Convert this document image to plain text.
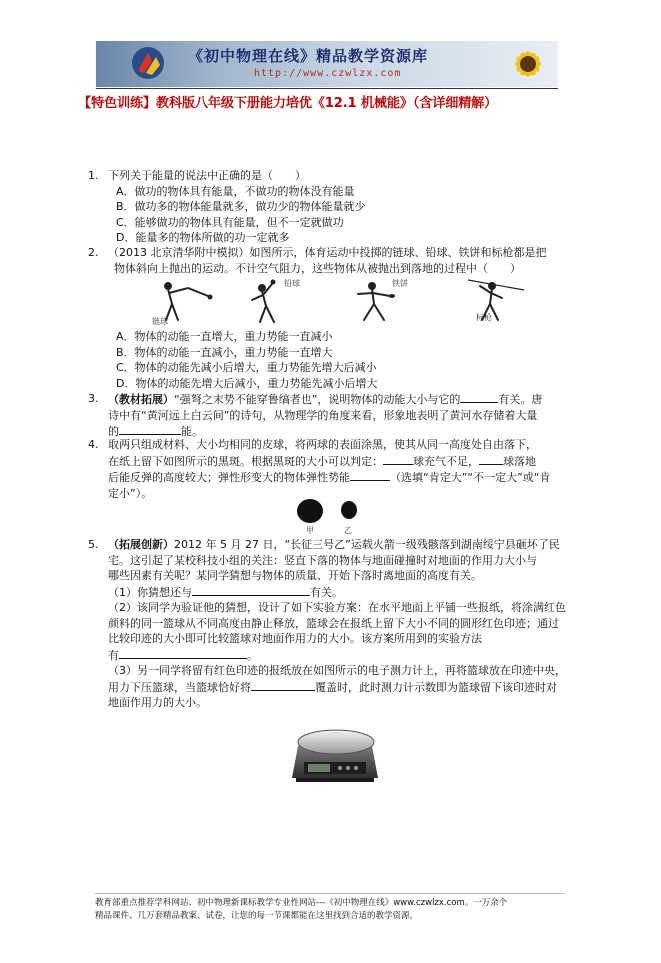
《初中物理在线》精品教学资源库
http://www.czwlzx.com
【特色训练】教科版八年级下册能力培优《12.1 机械能》（含详细精解）
1. 下列关于能量的说法中正确的是（　　）

A．做功的物体具有能量，不做功的物体没有能量

B．做功多的物体能量就多，做功少的物体能量就少

C．能够做功的物体具有能量，但不一定就做功

D．能量多的物体所做的功一定就多

2. （2013 北京清华附中模拟）如图所示，体育运动中投掷的链球、铅球、铁饼和标枪都是把

物体斜向上抛出的运动。不计空气阻力，这些物体从被抛出到落地的过程中（　　）

链球
铅球	铁饼
标枪

A．物体的动能一直增大，重力势能一直减小

B．物体的动能一直减小，重力势能一直增大

C．物体的动能先减小后增大，重力势能先增大后减小

D．物体的动能先增大后减小，重力势能先减小后增大

3. （教材拓展）“强弩之末势不能穿鲁缟者也”，说明物体的动能大小与它的	有关。唐

诗中有“黄河远上白云间”的诗句，从物理学的角度来看，形象地表明了黄河水存储着大量

的	能。

4. 取两只组成材料、大小均相同的皮球，将两球的表面涂黑，使其从同一高度处自由落下，

在纸上留下如图所示的黑斑。根据黑斑的大小可以判定：	球充气不足， 球落地

后能反弹的高度较大；弹性形变大的物体弹性势能	（选填“肯定大”“不一定大”或“肯

定小”）。

甲	乙
5. （拓展创新）2012 年 5 月 27 日，“长征三号乙”运载火箭一级残骸落到湖南绥宁县砸坏了民

宅。这引起了某校科技小组的关注：竖直下落的物体与地面碰撞时对地面的作用力大小与

哪些因素有关呢？某同学猜想与物体的质量、开始下落时离地面的高度有关。

（1）你猜想还与	有关。

（2）该同学为验证他的猜想，设计了如下实验方案：在水平地面上平铺一些报纸，将涂满红色

颜料的同一篮球从不同高度由静止释放，篮球会在报纸上留下大小不同的圆形红色印迹；通过

比较印迹的大小即可比较篮球对地面作用力的大小。该方案所用到的实验方法

有	。

（3）另一同学将留有红色印迹的报纸放在如图所示的电子测力计上，再将篮球放在印迹中央，

用力下压篮球，当篮球恰好将	覆盖时，此时测力计示数即为篮球留下该印迹时对

地面作用力的大小。

教育部重点推荐学科网站、初中物理新课标教学专业性网站---《初中物理在线》www.czwlzx.com。一万余个
精品课件、几万套精品教案、试卷，让您的每一节课都能在这里找到合适的教学资源。
